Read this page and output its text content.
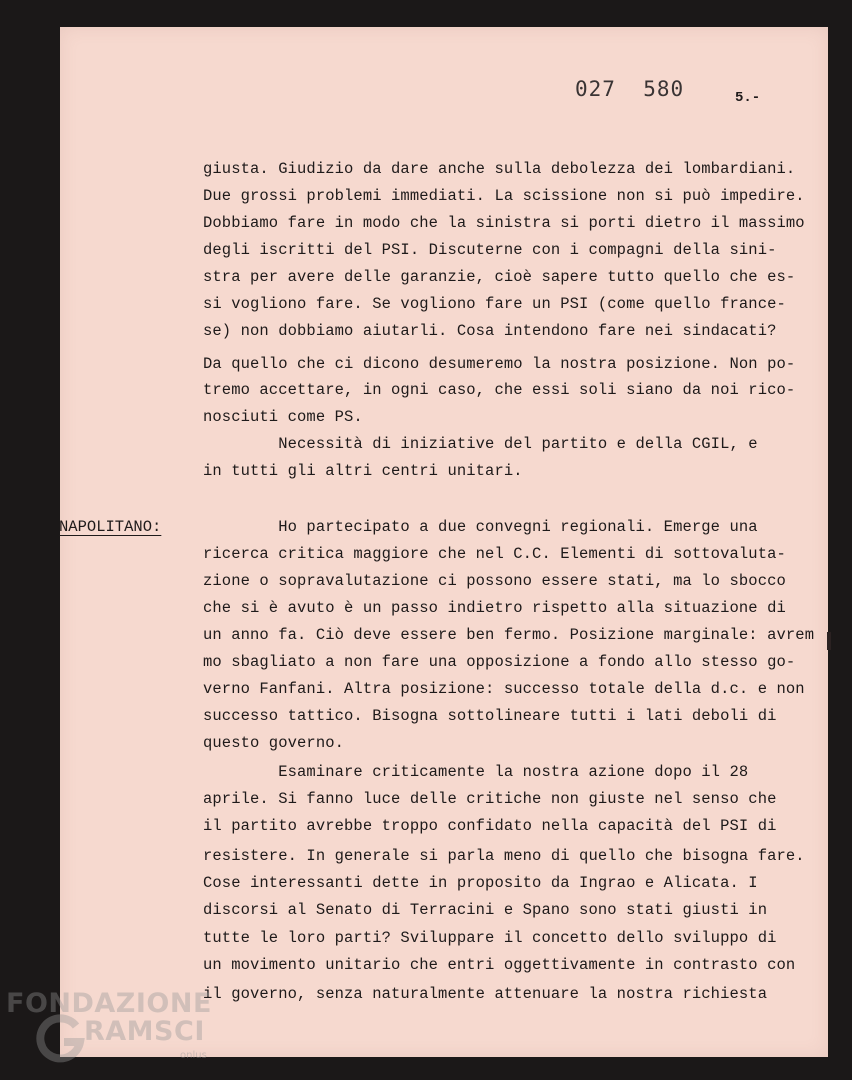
027  580	5.-
NAPOLITANO:
giusta. Giudizio da dare anche sulla debolezza dei lombardiani.
Due grossi problemi immediati. La scissione non si può impedire.
Dobbiamo fare in modo che la sinistra si porti dietro il massimo
degli iscritti del PSI. Discuterne con i compagni della sini-
stra per avere delle garanzie, cioè sapere tutto quello che es-
si vogliono fare. Se vogliono fare un PSI (come quello france-
se) non dobbiamo aiutarli. Cosa intendono fare nei sindacati?
Da quello che ci dicono desumeremo la nostra posizione. Non po-
tremo accettare, in ogni caso, che essi soli siano da noi rico-
nosciuti come PS.
Necessità di iniziative del partito e della CGIL, e
in tutti gli altri centri unitari.
Ho partecipato a due convegni regionali. Emerge una
ricerca critica maggiore che nel C.C. Elementi di sottovaluta-
zione o sopravalutazione ci possono essere stati, ma lo sbocco
che si è avuto è un passo indietro rispetto alla situazione di
un anno fa. Ciò deve essere ben fermo. Posizione marginale: avrem
mo sbagliato a non fare una opposizione a fondo allo stesso go-
verno Fanfani. Altra posizione: successo totale della d.c. e non
successo tattico. Bisogna sottolineare tutti i lati deboli di
questo governo.
Esaminare criticamente la nostra azione dopo il 28
aprile. Si fanno luce delle critiche non giuste nel senso che
il partito avrebbe troppo confidato nella capacità del PSI di
resistere. In generale si parla meno di quello che bisogna fare.
Cose interessanti dette in proposito da Ingrao e Alicata. I
discorsi al Senato di Terracini e Spano sono stati giusti in
tutte le loro parti? Sviluppare il concetto dello sviluppo di
un movimento unitario che entri oggettivamente in contrasto con
il governo, senza naturalmente attenuare la nostra richiesta
FONDAZIONE
RAMSCI
onlus
